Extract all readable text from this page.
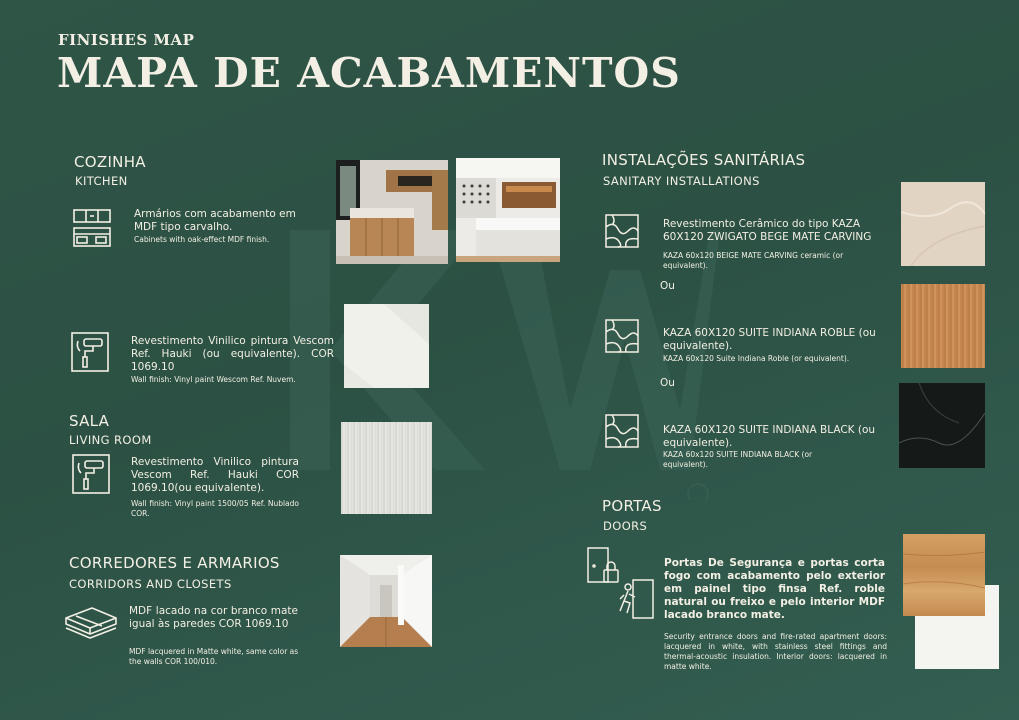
FINISHES MAP
MAPA DE ACABAMENTOS
COZINHA
KITCHEN
Armários com acabamento em MDF tipo carvalho.
Cabinets with oak-effect MDF finish.
Revestimento Vinilico pintura Vescom Ref. Hauki (ou equivalente). COR 1069.10
Wall finish: Vinyl paint Wescom Ref. Nuvem.
SALA
LIVING ROOM
Revestimento Vinilico pintura Vescom Ref. Hauki COR 1069.10(ou equivalente).
Wall finish: Vinyl paint 1500/05 Ref. Nublado COR.
CORREDORES E ARMARIOS
CORRIDORS AND CLOSETS
MDF lacado na cor branco mate igual às paredes COR 1069.10
MDF lacquered in Matte white, same color as the walls COR 100/010.
INSTALAÇÕES SANITÁRIAS
SANITARY INSTALLATIONS
Revestimento Cerâmico do tipo KAZA 60X120 ZWIGATO BEGE MATE CARVING
KAZA 60x120 BEIGE MATE CARVING ceramic (or equivalent).
Ou
KAZA 60X120 SUITE INDIANA ROBLE (ou equivalente).
KAZA 60x120 Suite Indiana Roble (or equivalent).
Ou
KAZA 60X120 SUITE INDIANA BLACK (ou equivalente).
KAZA 60x120 SUITE INDIANA BLACK (or equivalent).
PORTAS
DOORS
Portas De Segurança e portas corta fogo com acabamento pelo exterior em painel tipo finsa Ref. roble natural ou freixo e pelo interior MDF lacado branco mate.
Security entrance doors and fire-rated apartment doors: lacquered in white, with stainless steel fittings and thermal-acoustic insulation. Interior doors: lacquered in matte white.
